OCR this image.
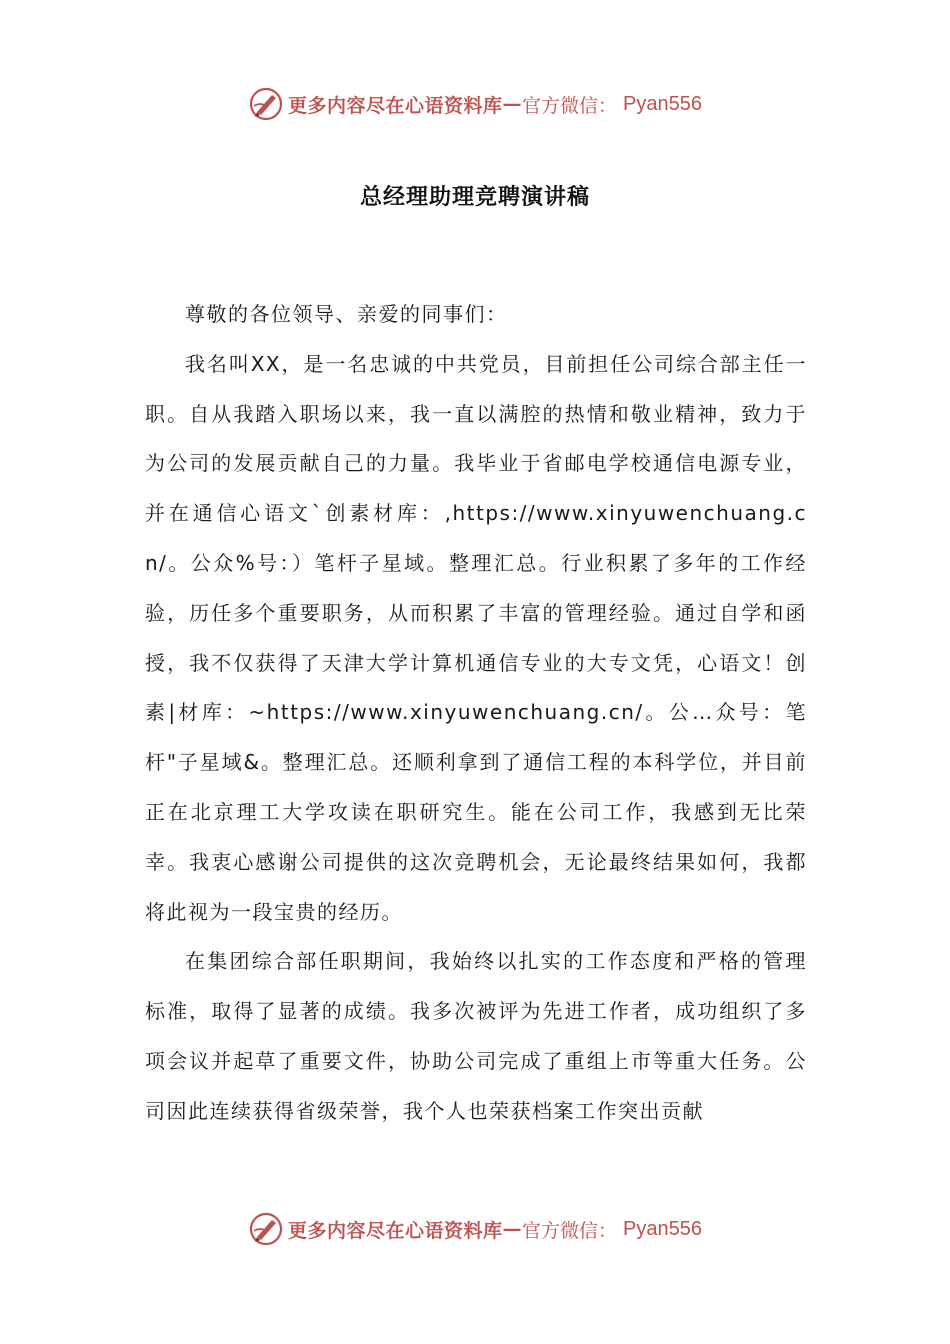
更多内容尽在心语资料库 — 官方微信： Pyan556
总经理助理竞聘演讲稿

尊敬的各位领导、亲爱的同事们：

我名叫XX，是一名忠诚的中共党员，目前担任公司综合部主任一职。自从我踏入职场以来，我一直以满腔的热情和敬业精神，致力于为公司的发展贡献自己的力量。我毕业于省邮电学校通信电源专业，并在通信心语文`创素材库：,https://www.xinyuwenchuang.cn/。公众%号：）笔杆子星域。整理汇总。行业积累了多年的工作经验，历任多个重要职务，从而积累了丰富的管理经验。通过自学和函授，我不仅获得了天津大学计算机通信专业的大专文凭，心语文！创素|材库：~https://www.xinyuwenchuang.cn/。公…众号：笔杆"子星域&。整理汇总。还顺利拿到了通信工程的本科学位，并目前正在北京理工大学攻读在职研究生。能在公司工作，我感到无比荣幸。我衷心感谢公司提供的这次竞聘机会，无论最终结果如何，我都将此视为一段宝贵的经历。

在集团综合部任职期间，我始终以扎实的工作态度和严格的管理标准，取得了显著的成绩。我多次被评为先进工作者，成功组织了多项会议并起草了重要文件，协助公司完成了重组上市等重大任务。公司因此连续获得省级荣誉，我个人也荣获档案工作突出贡献

更多内容尽在心语资料库 — 官方微信： Pyan556
